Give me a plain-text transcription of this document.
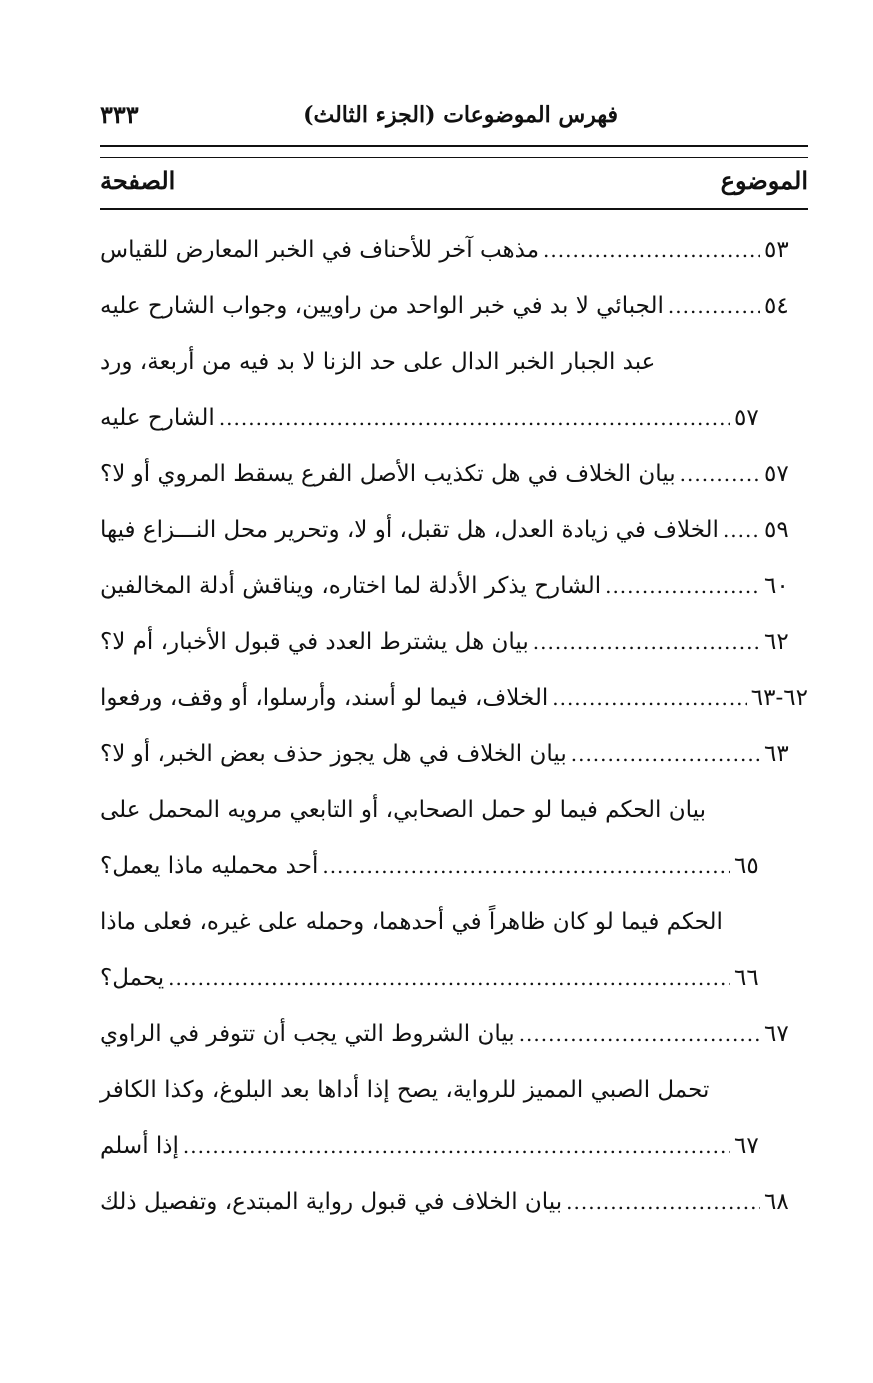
فهرس الموضوعات (الجزء الثالث)
٣٣٣
الموضوع
الصفحة
مذهب آخر للأحناف في الخبر المعارض للقياس .....	٥٣
الجبائي لا بد في خبر الواحد من راويين، وجواب الشارح عليه .....	٥٤
عبد الجبار الخبر الدال على حد الزنا لا بد فيه من أربعة، ورد
الشارح عليه .....	٥٧
بيان الخلاف في هل تكذيب الأصل الفرع يسقط المروي أو لا؟ .....	٥٧
الخلاف في زيادة العدل، هل تقبل، أو لا، وتحرير محل النـــزاع فيها ..... ٥٩
الشارح يذكر الأدلة لما اختاره، ويناقش أدلة المخالفين .....	٦٠
بيان هل يشترط العدد في قبول الأخبار، أم لا؟ .....	٦٢
الخلاف، فيما لو أسند، وأرسلوا، أو وقف، ورفعوا .....	٦٢-٦٣
بيان الخلاف في هل يجوز حذف بعض الخبر، أو لا؟ .....	٦٣
بيان الحكم فيما لو حمل الصحابي، أو التابعي مرويه المحمل على
أحد محمليه ماذا يعمل؟ .....	٦٥
الحكم فيما لو كان ظاهراً في أحدهما، وحمله على غيره، فعلى ماذا
يحمل؟ .....	٦٦
بيان الشروط التي يجب أن تتوفر في الراوي .....	٦٧
تحمل الصبي المميز للرواية، يصح إذا أداها بعد البلوغ، وكذا الكافر
إذا أسلم .....	٦٧
بيان الخلاف في قبول رواية المبتدع، وتفصيل ذلك .....	٦٨
